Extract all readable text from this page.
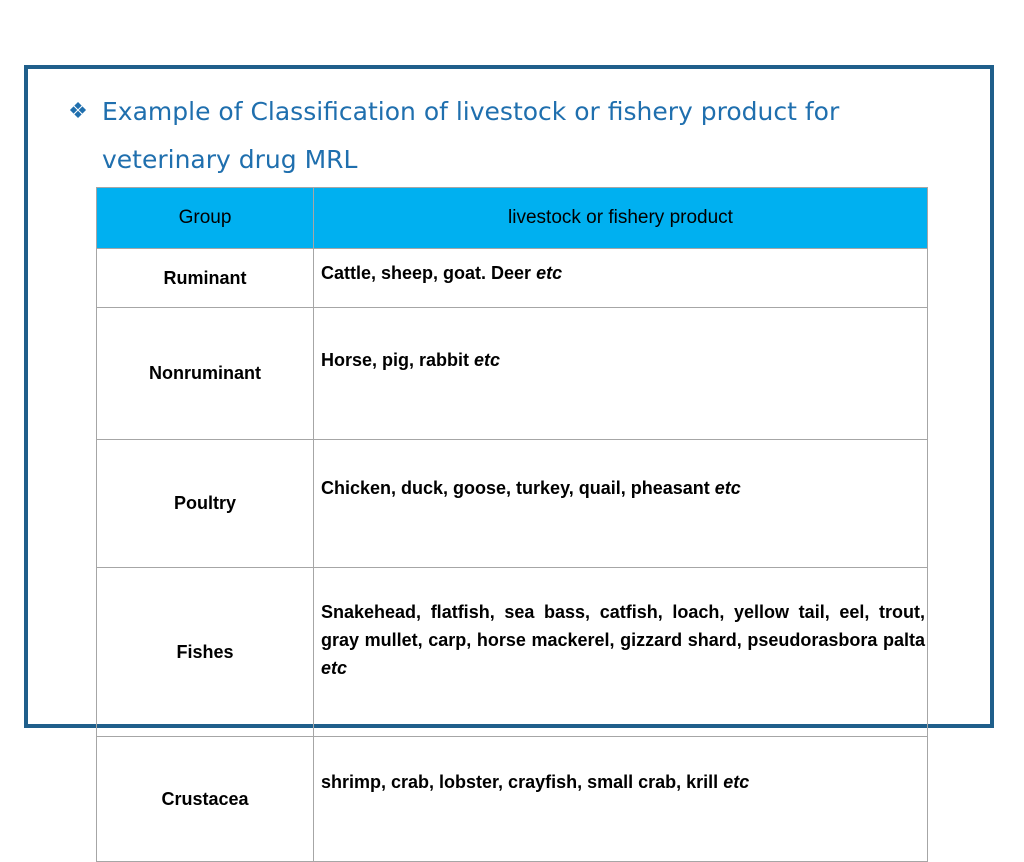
❖ Example of Classification of livestock or fishery product for veterinary drug MRL
Group	livestock or fishery product
Ruminant	Cattle, sheep, goat. Deer etc
Nonruminant	Horse, pig, rabbit etc
Poultry	Chicken, duck, goose, turkey, quail, pheasant etc
Fishes	Snakehead, flatfish, sea bass, catfish, loach, yellow tail, eel, trout, gray mullet, carp, horse mackerel, gizzard shard, pseudorasbora palta etc
Crustacea	shrimp, crab, lobster, crayfish, small crab, krill etc
